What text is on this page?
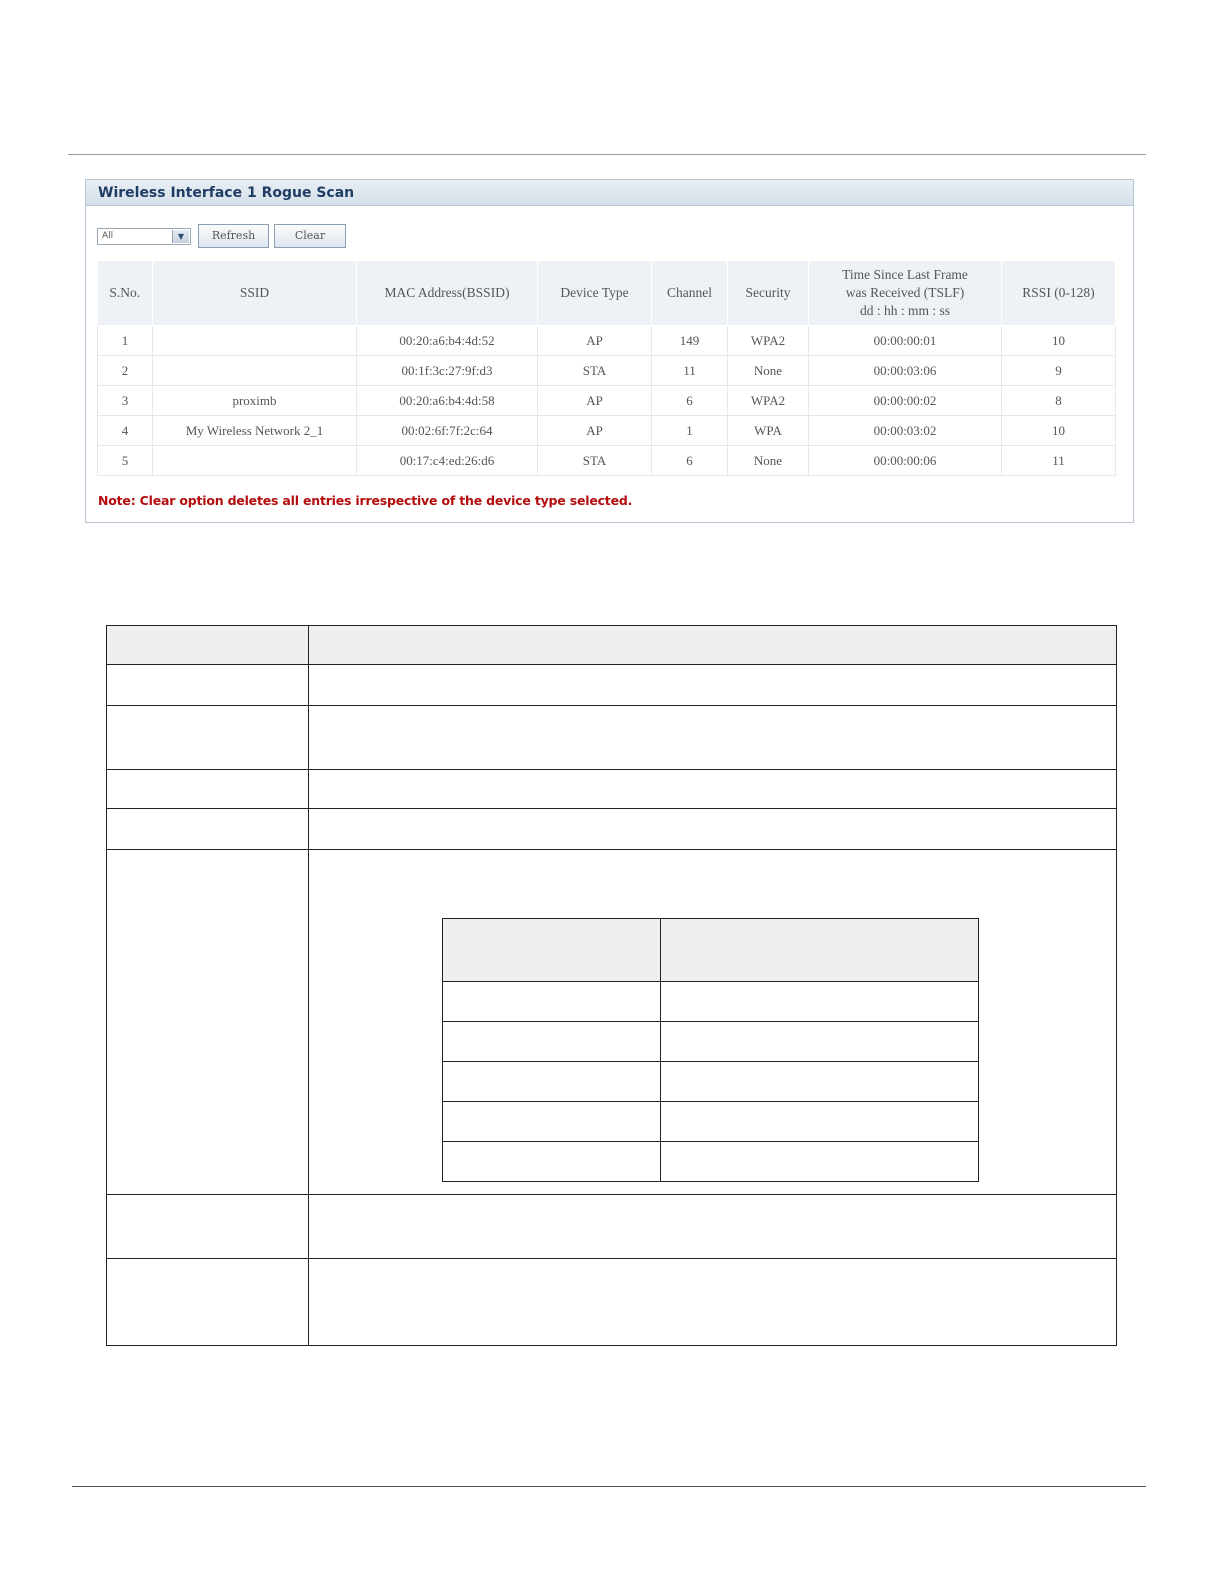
Wireless Interface 1 Rogue Scan
All	▼	Refresh	Clear
S.No.	SSID	MAC Address(BSSID)	Device Type	Channel	Security	Time Since Last Frame
was Received (TSLF)
dd : hh : mm : ss	RSSI (0-128)
1		00:20:a6:b4:4d:52	AP	149	WPA2	00:00:00:01	10
2		00:1f:3c:27:9f:d3	STA	11	None	00:00:03:06	9
3	proximb	00:20:a6:b4:4d:58	AP	6	WPA2	00:00:00:02	8
4	My Wireless Network 2_1	00:02:6f:7f:2c:64	AP	1	WPA	00:00:03:02	10
5		00:17:c4:ed:26:d6	STA	6	None	00:00:00:06	11
Note: Clear option deletes all entries irrespective of the device type selected.
